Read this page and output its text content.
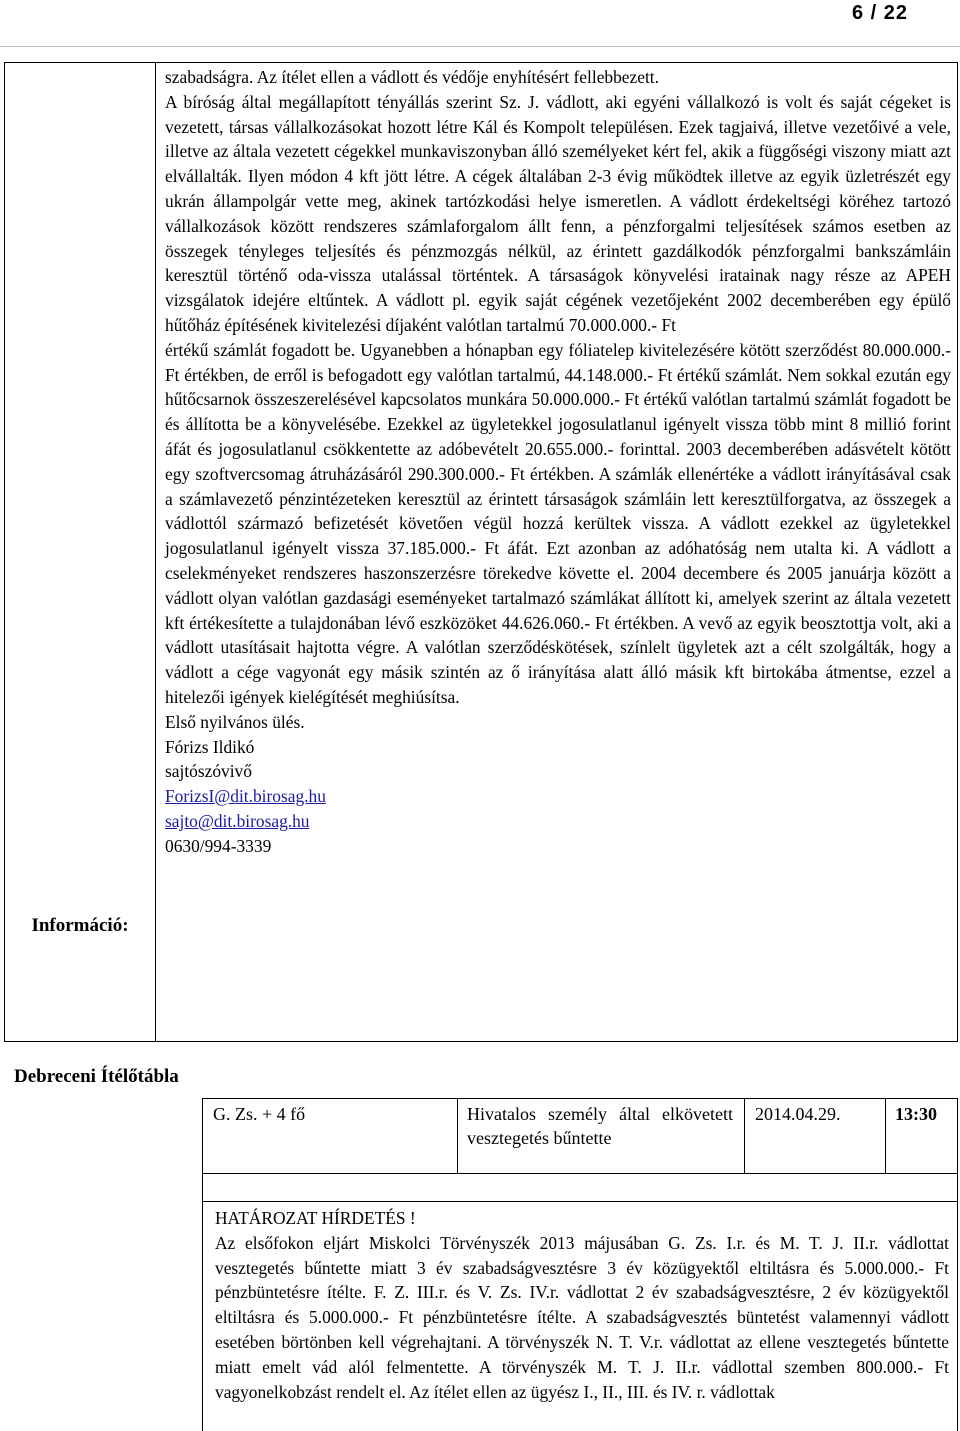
6 / 22
Információ:

szabadságra. Az ítélet ellen a vádlott és védője enyhítésért fellebbezett.

A bíróság által megállapított tényállás szerint Sz. J. vádlott, aki egyéni vállalkozó is volt és saját cégeket is vezetett, társas vállalkozásokat hozott létre Kál és Kompolt településen. Ezek tagjaivá, illetve vezetőivé a vele, illetve az általa vezetett cégekkel munkaviszonyban álló személyeket kért fel, akik a függőségi viszony miatt azt elvállalták. Ilyen módon 4 kft jött létre. A cégek általában 2-3 évig működtek illetve az egyik üzletrészét egy ukrán állampolgár vette meg, akinek tartózkodási helye ismeretlen. A vádlott érdekeltségi köréhez tartozó vállalkozások között rendszeres számlaforgalom állt fenn, a pénzforgalmi teljesítések számos esetben az összegek tényleges teljesítés és pénzmozgás nélkül, az érintett gazdálkodók pénzforgalmi bankszámláin keresztül történő oda-vissza utalással történtek. A társaságok könyvelési iratainak nagy része az APEH vizsgálatok idejére eltűntek. A vádlott pl. egyik saját cégének vezetőjeként 2002 decemberében egy épülő hűtőház építésének kivitelezési díjaként valótlan tartalmú 70.000.000.- Ft

értékű számlát fogadott be. Ugyanebben a hónapban egy fóliatelep kivitelezésére kötött szerződést 80.000.000.- Ft értékben, de erről is befogadott egy valótlan tartalmú, 44.148.000.- Ft értékű számlát. Nem sokkal ezután egy hűtőcsarnok összeszerelésével kapcsolatos munkára 50.000.000.- Ft értékű valótlan tartalmú számlát fogadott be és állította be a könyvelésébe. Ezekkel az ügyletekkel jogosulatlanul igényelt vissza több mint 8 millió forint áfát és jogosulatlanul csökkentette az adóbevételt 20.655.000.- forinttal. 2003 decemberében adásvételt kötött egy szoftvercsomag átruházásáról 290.300.000.- Ft értékben. A számlák ellenértéke a vádlott irányításával csak a számlavezető pénzintézeteken keresztül az érintett társaságok számláin lett keresztülforgatva, az összegek a vádlottól származó befizetését követően végül hozzá kerültek vissza. A vádlott ezekkel az ügyletekkel jogosulatlanul igényelt vissza 37.185.000.- Ft áfát. Ezt azonban az adóhatóság nem utalta ki. A vádlott a cselekményeket rendszeres haszonszerzésre törekedve követte el. 2004 decembere és 2005 januárja között a vádlott olyan valótlan gazdasági eseményeket tartalmazó számlákat állított ki, amelyek szerint az általa vezetett kft értékesítette a tulajdonában lévő eszközöket 44.626.060.- Ft értékben. A vevő az egyik beosztottja volt, aki a vádlott utasításait hajtotta végre. A valótlan szerződéskötések, színlelt ügyletek azt a célt szolgálták, hogy a vádlott a cége vagyonát egy másik szintén az ő irányítása alatt álló másik kft birtokába átmentse, ezzel a hitelezői igények kielégítését meghiúsítsa.

Első nyilvános ülés.

Fórizs Ildikó

sajtószóvivő

ForizsI@dit.birosag.hu

sajto@dit.birosag.hu

0630/994-3339

Debreceni Ítélőtábla
G. Zs. + 4 fő	Hivatalos személy által elkövetett vesztegetés bűntette
2014.04.29.	13:30

HATÁROZAT HÍRDETÉS !

Az elsőfokon eljárt Miskolci Törvényszék 2013 májusában G. Zs. I.r. és M. T. J. II.r. vádlottat vesztegetés bűntette miatt 3 év szabadságvesztésre 3 év közügyektől eltiltásra és 5.000.000.- Ft pénzbüntetésre ítélte. F. Z. III.r. és V. Zs. IV.r. vádlottat 2 év szabadságvesztésre, 2 év közügyektől eltiltásra és 5.000.000.- Ft pénzbüntetésre ítélte. A szabadságvesztés büntetést valamennyi vádlott esetében börtönben kell végrehajtani. A törvényszék N. T. V.r. vádlottat az ellene vesztegetés bűntette miatt emelt vád alól felmentette. A törvényszék M. T. J. II.r. vádlottal szemben 800.000.- Ft vagyonelkobzást rendelt el. Az ítélet ellen az ügyész I., II., III. és IV. r. vádlottak
